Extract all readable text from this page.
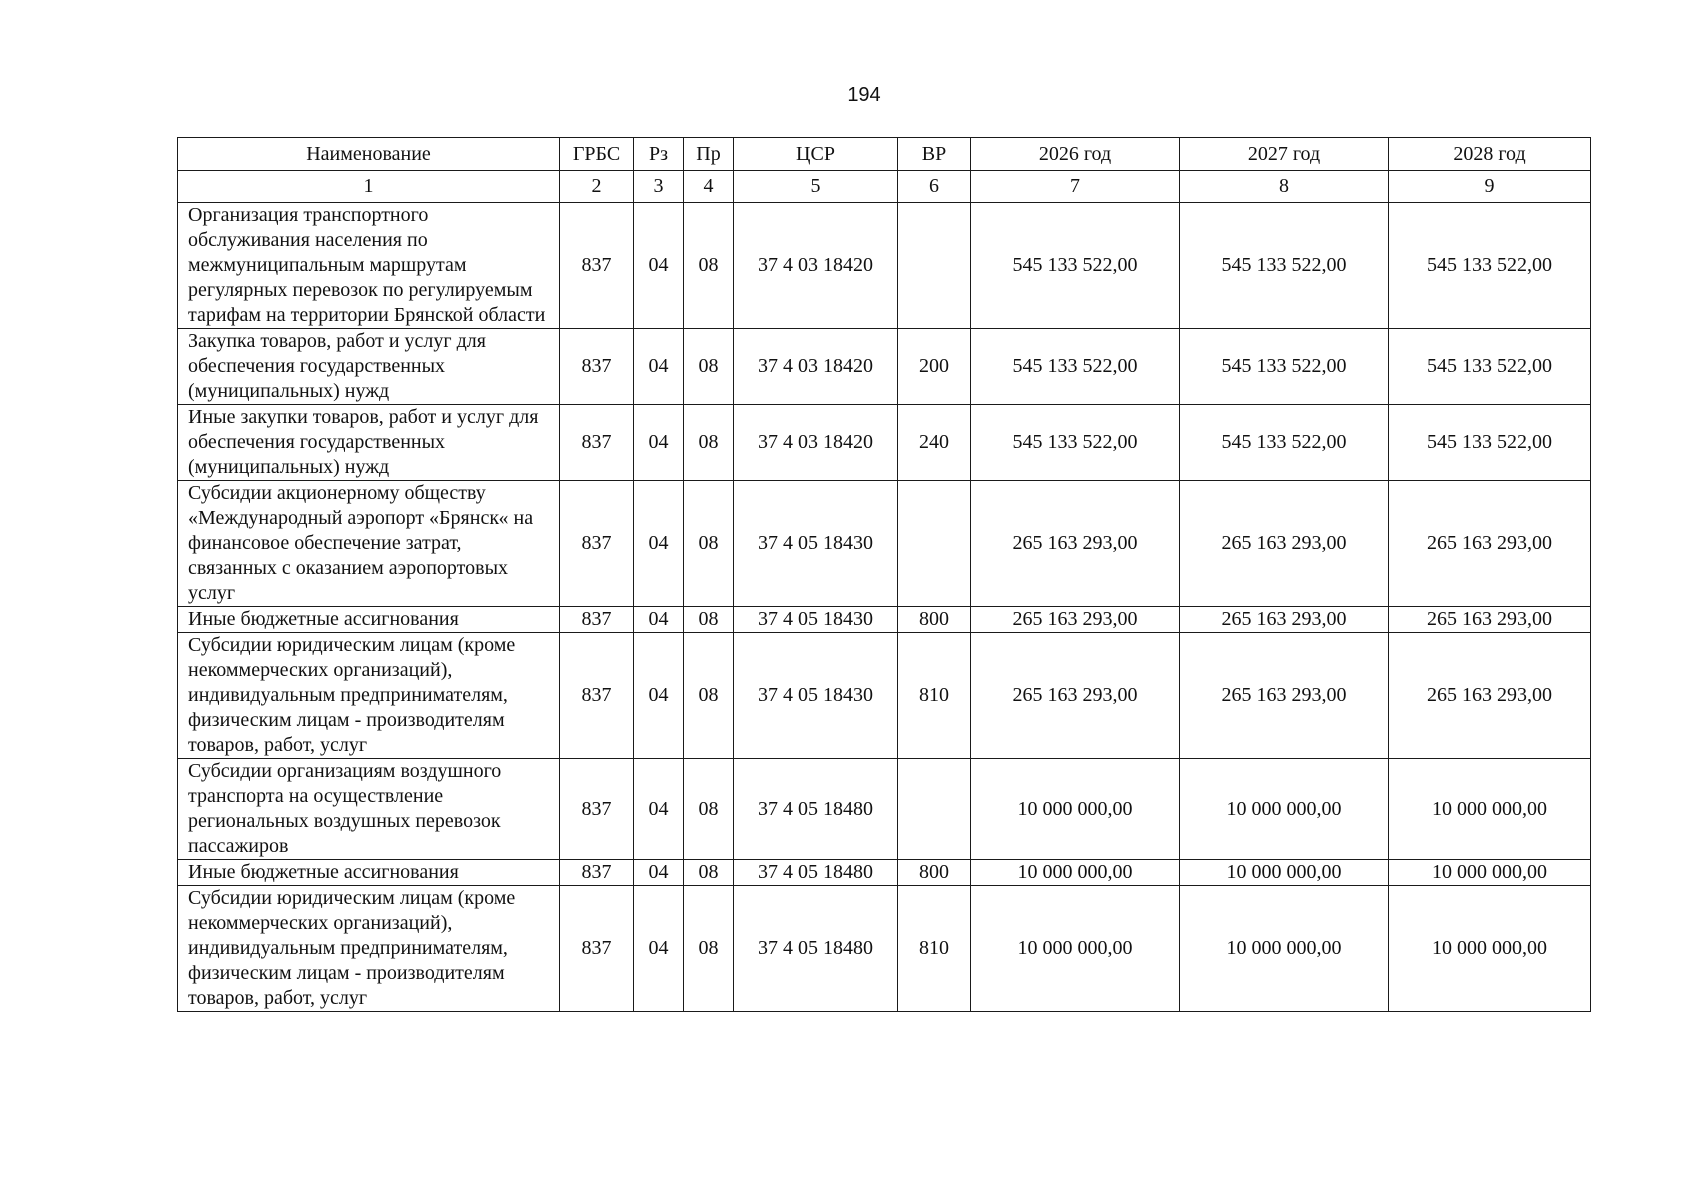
194
Наименование	ГРБС	Рз	Пр	ЦСР	ВР	2026 год	2027 год	2028 год
1	2	3	4	5	6	7	8	9
Организация транспортного обслуживания населения по межмуниципальным маршрутам регулярных перевозок по регулируемым тарифам на территории Брянской области	837	04	08	37 4 03 18420		545 133 522,00	545 133 522,00	545 133 522,00
Закупка товаров, работ и услуг для обеспечения государственных (муниципальных) нужд	837	04	08	37 4 03 18420	200	545 133 522,00	545 133 522,00	545 133 522,00
Иные закупки товаров, работ и услуг для обеспечения государственных (муниципальных) нужд	837	04	08	37 4 03 18420	240	545 133 522,00	545 133 522,00	545 133 522,00
Субсидии акционерному обществу «Международный аэропорт «Брянск« на финансовое обеспечение затрат, связанных с оказанием аэропортовых услуг	837	04	08	37 4 05 18430		265 163 293,00	265 163 293,00	265 163 293,00
Иные бюджетные ассигнования	837	04	08	37 4 05 18430	800	265 163 293,00	265 163 293,00	265 163 293,00
Субсидии юридическим лицам (кроме некоммерческих организаций), индивидуальным предпринимателям, физическим лицам - производителям товаров, работ, услуг	837	04	08	37 4 05 18430	810	265 163 293,00	265 163 293,00	265 163 293,00
Субсидии организациям воздушного транспорта на осуществление региональных воздушных перевозок пассажиров	837	04	08	37 4 05 18480		10 000 000,00	10 000 000,00	10 000 000,00
Иные бюджетные ассигнования	837	04	08	37 4 05 18480	800	10 000 000,00	10 000 000,00	10 000 000,00
Субсидии юридическим лицам (кроме некоммерческих организаций), индивидуальным предпринимателям, физическим лицам - производителям товаров, работ, услуг	837	04	08	37 4 05 18480	810	10 000 000,00	10 000 000,00	10 000 000,00
